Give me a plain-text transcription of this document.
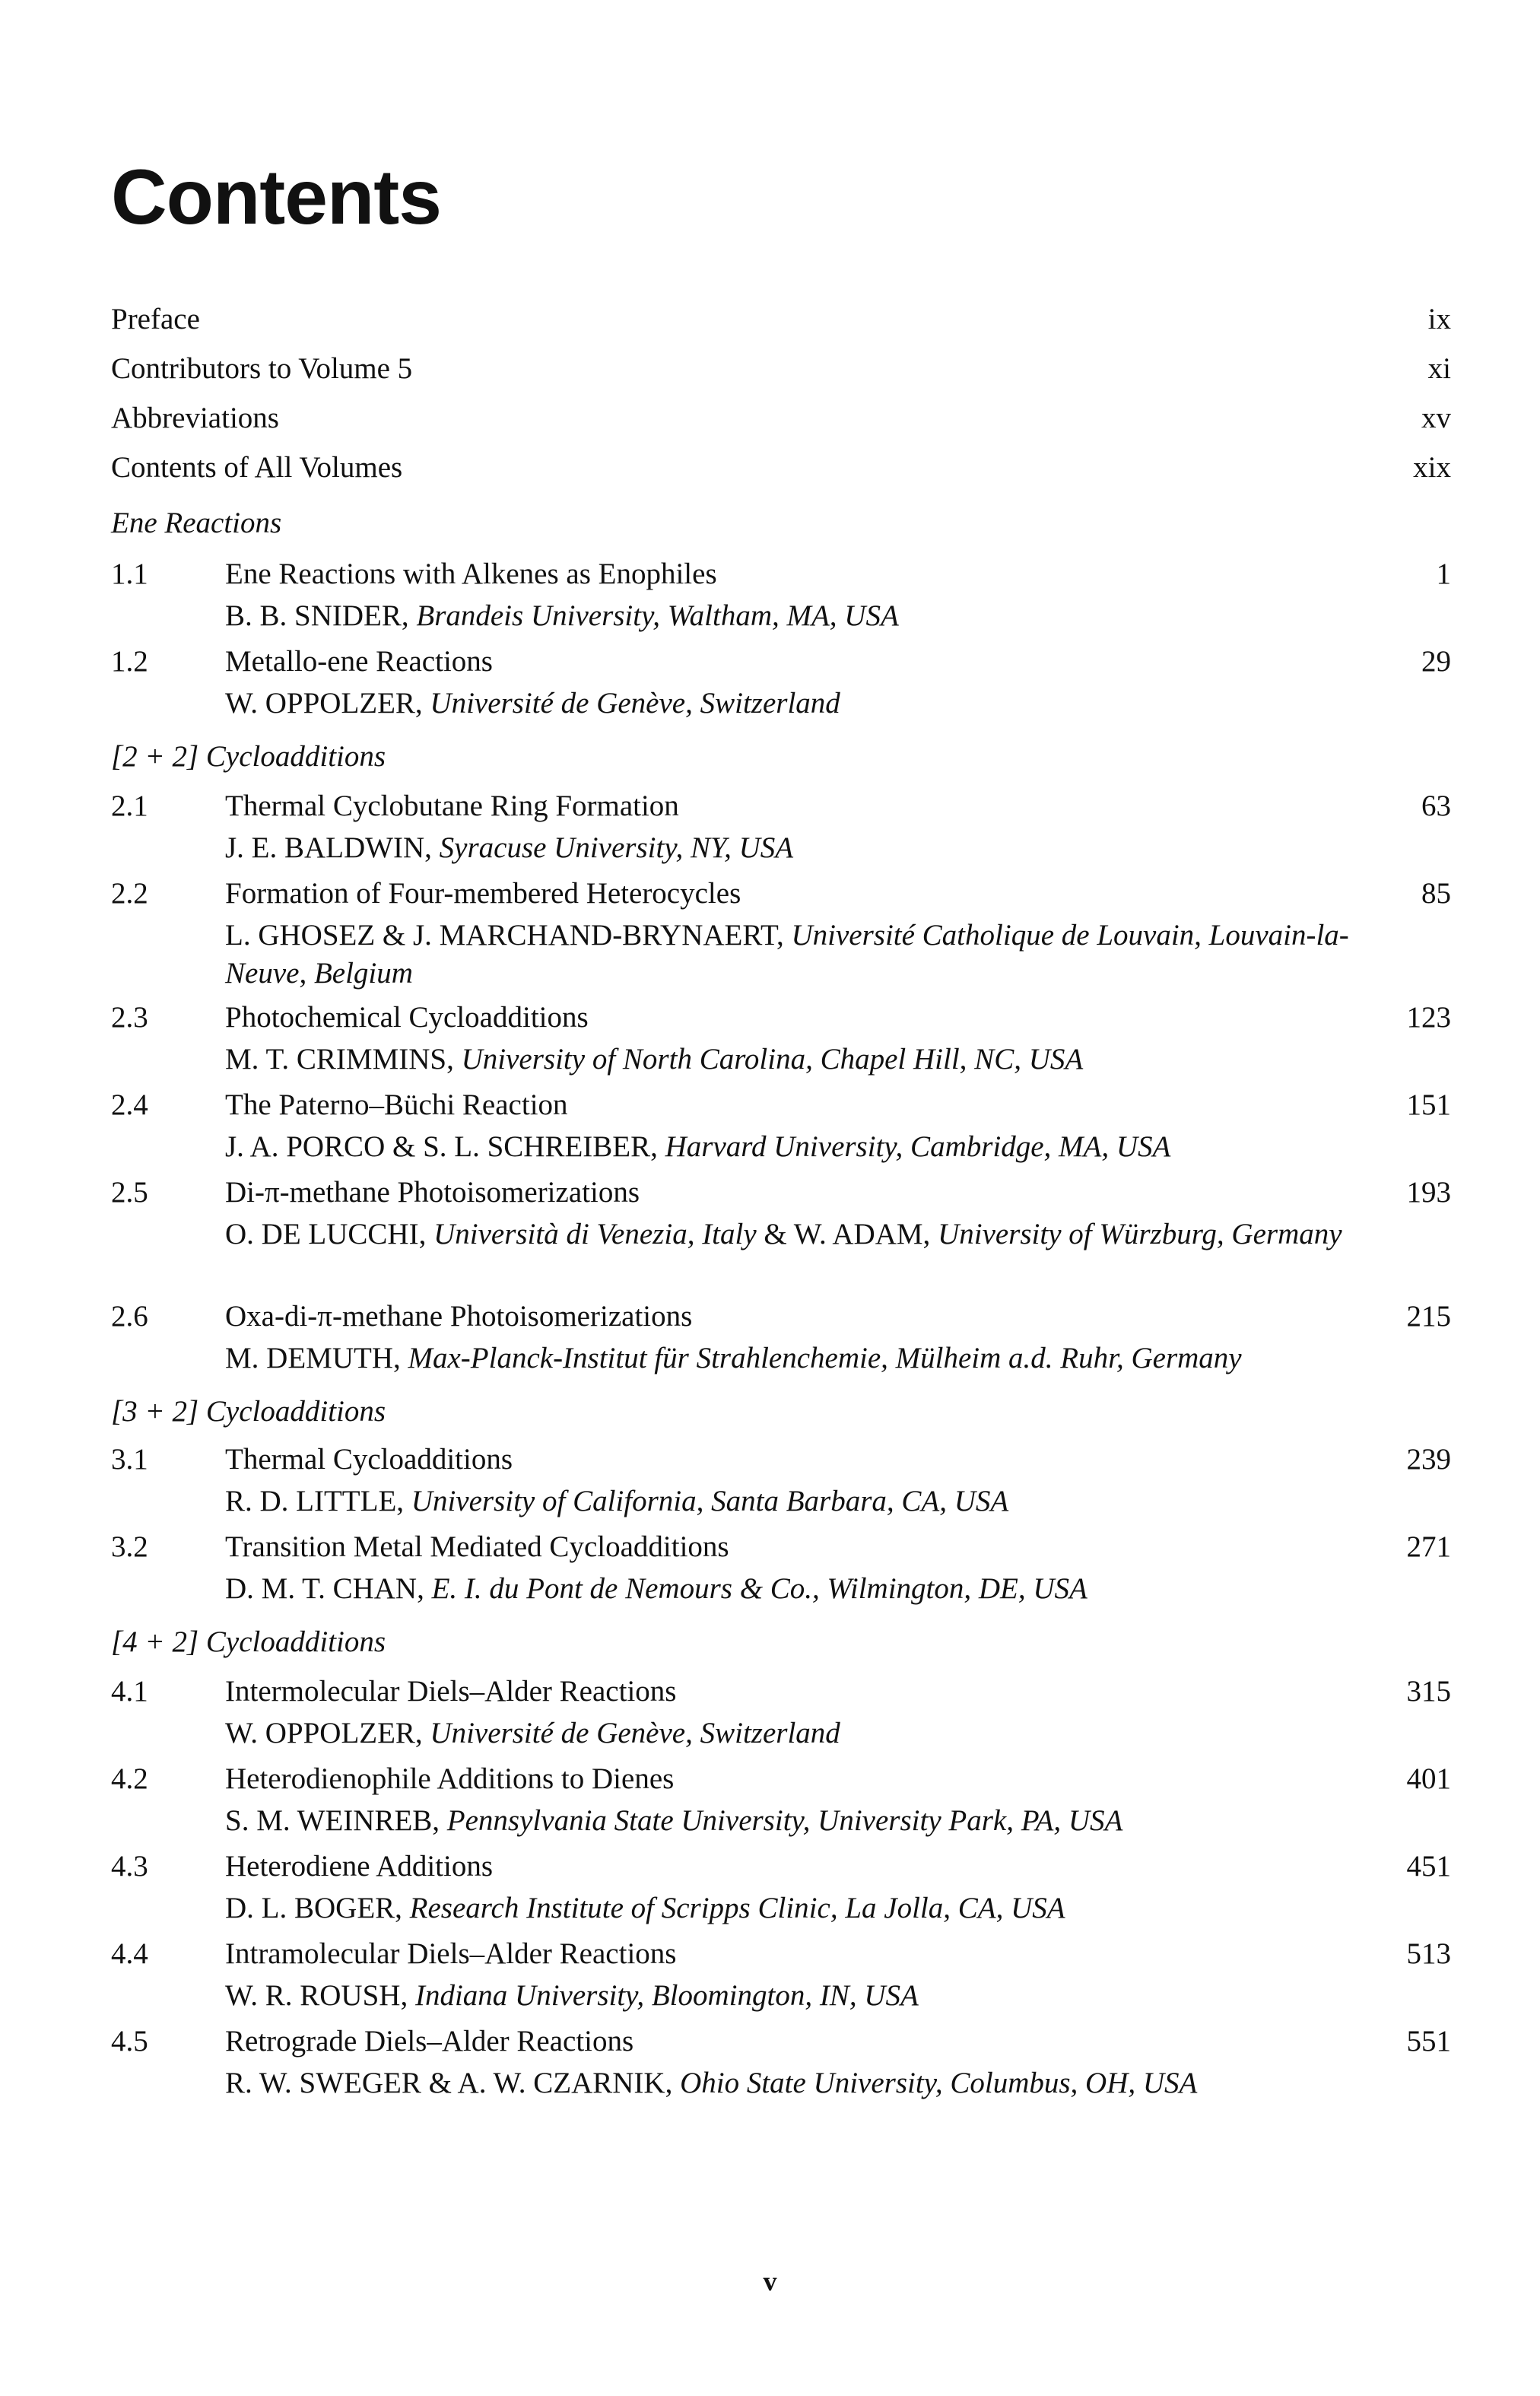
Contents
Preface	ix
Contributors to Volume 5	xi
Abbreviations	xv
Contents of All Volumes	xix
Ene Reactions
1.1	Ene Reactions with Alkenes as Enophiles	1
B. B. SNIDER, Brandeis University, Waltham, MA, USA
1.2	Metallo-ene Reactions	29
W. OPPOLZER, Université de Genève, Switzerland
[2 + 2] Cycloadditions
2.1	Thermal Cyclobutane Ring Formation	63
J. E. BALDWIN, Syracuse University, NY, USA
2.2	Formation of Four-membered Heterocycles	85
L. GHOSEZ & J. MARCHAND-BRYNAERT, Université Catholique de Louvain, Louvain-la-Neuve, Belgium
2.3	Photochemical Cycloadditions	123
M. T. CRIMMINS, University of North Carolina, Chapel Hill, NC, USA
2.4	The Paterno–Büchi Reaction	151
J. A. PORCO & S. L. SCHREIBER, Harvard University, Cambridge, MA, USA
2.5	Di-π-methane Photoisomerizations	193
O. DE LUCCHI, Università di Venezia, Italy & W. ADAM, University of Würzburg, Germany
2.6	Oxa-di-π-methane Photoisomerizations	215
M. DEMUTH, Max-Planck-Institut für Strahlenchemie, Mülheim a.d. Ruhr, Germany
[3 + 2] Cycloadditions
3.1	Thermal Cycloadditions	239
R. D. LITTLE, University of California, Santa Barbara, CA, USA
3.2	Transition Metal Mediated Cycloadditions	271
D. M. T. CHAN, E. I. du Pont de Nemours & Co., Wilmington, DE, USA
[4 + 2] Cycloadditions
4.1	Intermolecular Diels–Alder Reactions	315
W. OPPOLZER, Université de Genève, Switzerland
4.2	Heterodienophile Additions to Dienes	401
S. M. WEINREB, Pennsylvania State University, University Park, PA, USA
4.3	Heterodiene Additions	451
D. L. BOGER, Research Institute of Scripps Clinic, La Jolla, CA, USA
4.4	Intramolecular Diels–Alder Reactions	513
W. R. ROUSH, Indiana University, Bloomington, IN, USA
4.5	Retrograde Diels–Alder Reactions	551
R. W. SWEGER & A. W. CZARNIK, Ohio State University, Columbus, OH, USA
v
